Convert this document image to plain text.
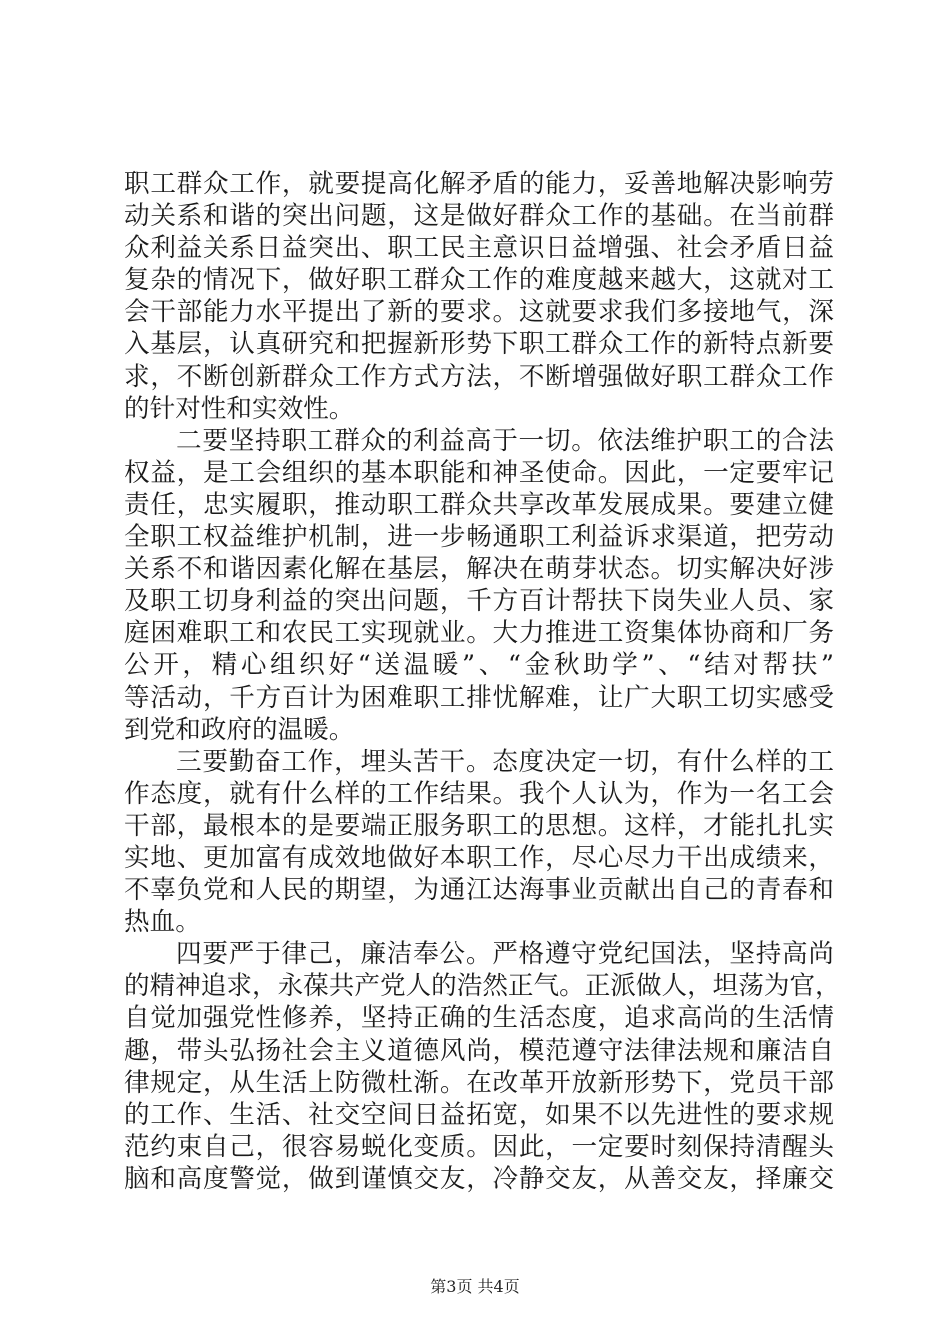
职工群众工作，就要提高化解矛盾的能力，妥善地解决影响劳
动关系和谐的突出问题，这是做好群众工作的基础。在当前群
众利益关系日益突出、职工民主意识日益增强、社会矛盾日益
复杂的情况下，做好职工群众工作的难度越来越大，这就对工
会干部能力水平提出了新的要求。这就要求我们多接地气，深
入基层，认真研究和把握新形势下职工群众工作的新特点新要
求，不断创新群众工作方式方法，不断增强做好职工群众工作
的针对性和实效性。
二要坚持职工群众的利益高于一切。依法维护职工的合法
权益，是工会组织的基本职能和神圣使命。因此，一定要牢记
责任，忠实履职，推动职工群众共享改革发展成果。要建立健
全职工权益维护机制，进一步畅通职工利益诉求渠道，把劳动
关系不和谐因素化解在基层，解决在萌芽状态。切实解决好涉
及职工切身利益的突出问题，千方百计帮扶下岗失业人员、家
庭困难职工和农民工实现就业。大力推进工资集体协商和厂务
公开，精心组织好“送温暖”、“金秋助学”、“结对帮扶”
等活动，千方百计为困难职工排忧解难，让广大职工切实感受
到党和政府的温暖。
三要勤奋工作，埋头苦干。态度决定一切，有什么样的工
作态度，就有什么样的工作结果。我个人认为，作为一名工会
干部，最根本的是要端正服务职工的思想。这样，才能扎扎实
实地、更加富有成效地做好本职工作，尽心尽力干出成绩来，
不辜负党和人民的期望，为通江达海事业贡献出自己的青春和
热血。
四要严于律己，廉洁奉公。严格遵守党纪国法，坚持高尚
的精神追求，永葆共产党人的浩然正气。正派做人，坦荡为官，
自觉加强党性修养，坚持正确的生活态度，追求高尚的生活情
趣，带头弘扬社会主义道德风尚，模范遵守法律法规和廉洁自
律规定，从生活上防微杜渐。在改革开放新形势下，党员干部
的工作、生活、社交空间日益拓宽，如果不以先进性的要求规
范约束自己，很容易蜕化变质。因此，一定要时刻保持清醒头
脑和高度警觉，做到谨慎交友，冷静交友，从善交友，择廉交
第3页 共4页
